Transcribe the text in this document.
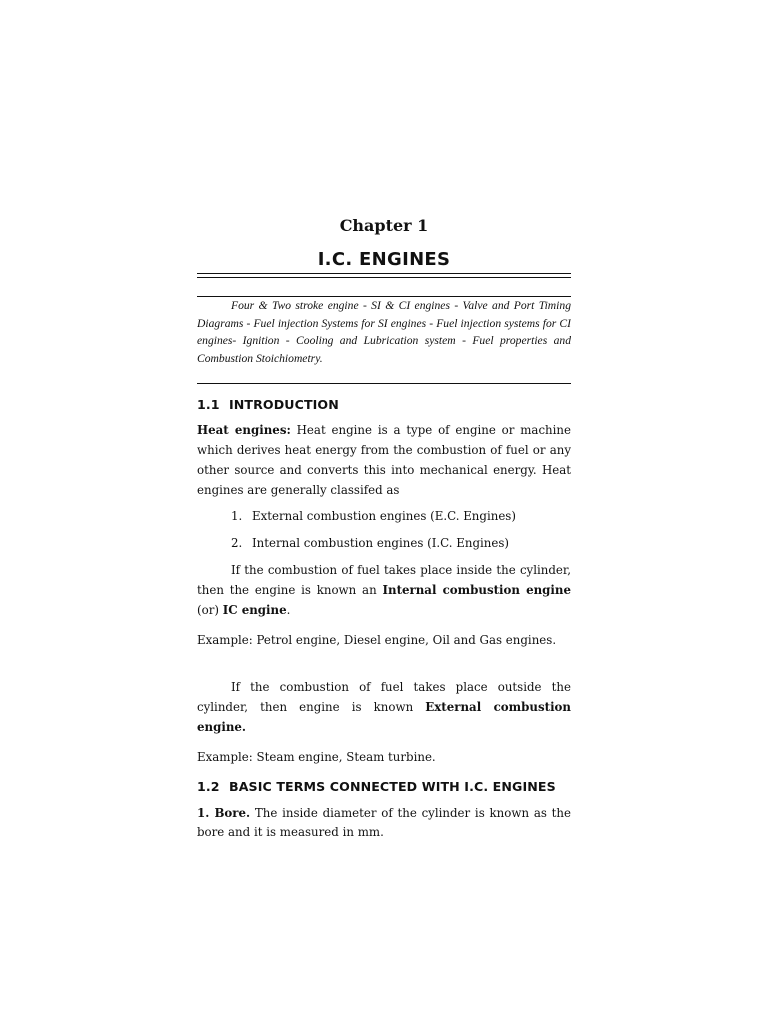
Chapter 1
I.C. ENGINES
Four & Two stroke engine - SI & CI engines - Valve and Port Timing Diagrams - Fuel injection Systems for SI engines - Fuel injection systems for CI engines- Ignition - Cooling and Lubrication system - Fuel properties and Combustion Stoichiometry.
1.1 INTRODUCTION

Heat engines: Heat engine is a type of engine or machine which derives heat energy from the combustion of fuel or any other source and converts this into mechanical energy. Heat engines are generally classifed as

1. External combustion engines (E.C. Engines)
2. Internal combustion engines (I.C. Engines)

If the combustion of fuel takes place inside the cylinder, then the engine is known an Internal combustion engine (or) IC engine.

Example: Petrol engine, Diesel engine, Oil and Gas engines.

If the combustion of fuel takes place outside the cylinder, then engine is known External combustion engine.

Example: Steam engine, Steam turbine.

1.2 BASIC TERMS CONNECTED WITH I.C. ENGINES

1. Bore. The inside diameter of the cylinder is known as the bore and it is measured in mm.
